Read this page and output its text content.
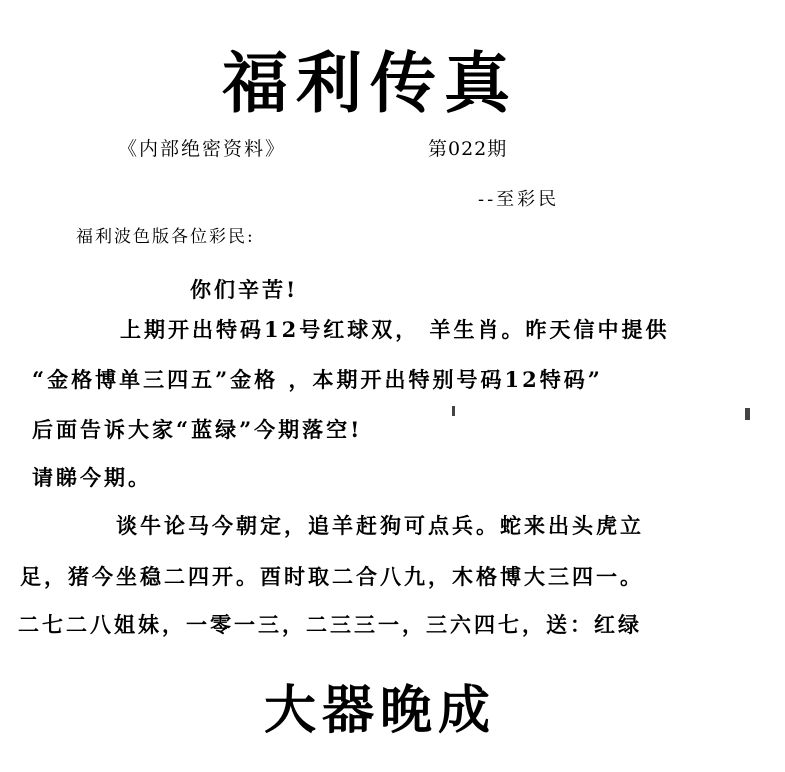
福利传真
《内部绝密资料》	第022期
--至彩民
福利波色版各位彩民:
你们辛苦!
上期开出特码12号红球双， 羊生肖。昨天信中提供
“金格博单三四五”金格 ，本期开出特别号码12特码”
后面告诉大家“蓝绿”今期落空!
请睇今期。
谈牛论马今朝定，追羊赶狗可点兵。蛇来出头虎立
足，猪今坐稳二四开。酉时取二合八九，木格博大三四一。
二七二八姐妹，一零一三，二三三一，三六四七，送：红绿
大器晚成
